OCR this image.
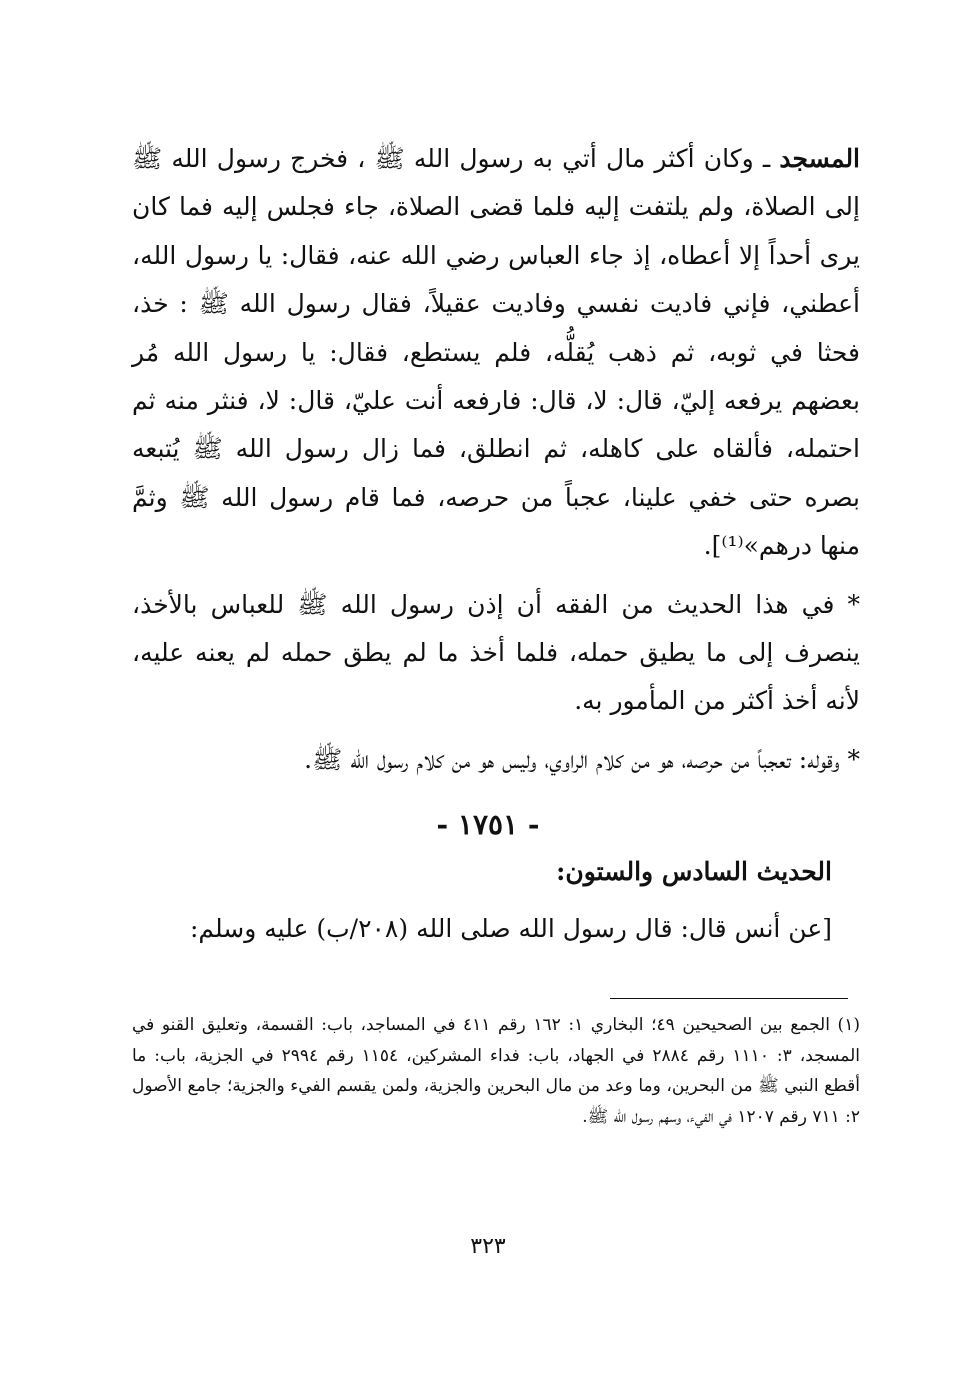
المسجد ـ وكان أكثر مال أتي به رسول الله ﷺ ، فخرج رسول الله ﷺ إلى الصلاة، ولم يلتفت إليه فلما قضى الصلاة، جاء فجلس إليه فما كان يرى أحداً إلا أعطاه، إذ جاء العباس رضي الله عنه، فقال: يا رسول الله، أعطني، فإني فاديت نفسي وفاديت عقيلاً، فقال رسول الله ﷺ : خذ، فحثا في ثوبه، ثم ذهب يُقلُّه، فلم يستطع، فقال: يا رسول الله مُر بعضهم يرفعه إليّ، قال: لا، قال: فارفعه أنت عليّ، قال: لا، فنثر منه ثم احتمله، فألقاه على كاهله، ثم انطلق، فما زال رسول الله ﷺ يُتبعه بصره حتى خفي علينا، عجباً من حرصه، فما قام رسول الله ﷺ وثمَّ منها درهم»⁽¹⁾].

* في هذا الحديث من الفقه أن إذن رسول الله ﷺ للعباس بالأخذ، ينصرف إلى ما يطيق حمله، فلما أخذ ما لم يطق حمله لم يعنه عليه، لأنه أخذ أكثر من المأمور به.

* وقوله: تعجباً من حرصه، هو من كلام الراوي، وليس هو من كلام رسول الله ﷺ.

- ١٧٥١ -
الحديث السادس والستون:
[عن أنس قال: قال رسول الله صلى الله (٢٠٨/ب) عليه وسلم:

(١) الجمع بين الصحيحين ٤٩؛ البخاري ١: ١٦٢ رقم ٤١١ في المساجد، باب: القسمة، وتعليق القنو في المسجد، ٣: ١١١٠ رقم ٢٨٨٤ في الجهاد، باب: فداء المشركين، ١١٥٤ رقم ٢٩٩٤ في الجزية، باب: ما أقطع النبي ﷺ من البحرين، وما وعد من مال البحرين والجزية، ولمن يقسم الفيء والجزية؛ جامع الأصول ٢: ٧١١ رقم ١٢٠٧ في الفيء، وسهم رسول الله ﷺ.

٣٢٣
